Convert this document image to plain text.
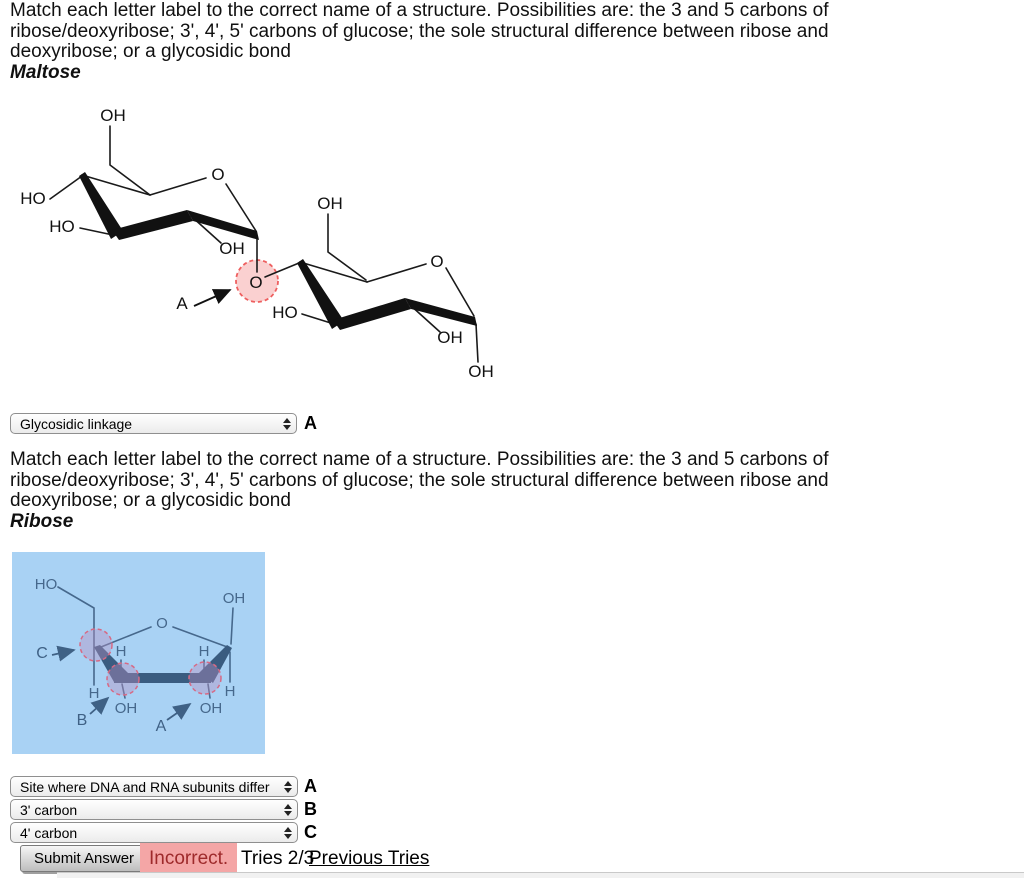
Match each letter label to the correct name of a structure. Possibilities are: the 3 and 5 carbons of
ribose/deoxyribose; 3', 4', 5' carbons of glucose; the sole structural difference between ribose and
deoxyribose; or a glycosidic bond
Maltose
OH
O
HO
HO
OH
O
OH
O
HO
OH
OH
A
Glycosidic linkage	A
Match each letter label to the correct name of a structure. Possibilities are: the 3 and 5 carbons of
ribose/deoxyribose; 3', 4', 5' carbons of glucose; the sole structural difference between ribose and
deoxyribose; or a glycosidic bond
Ribose
HO
O
OH
H
H	H
H
OH	OH
C
B	A
Site where DNA and RNA subunits differ	A
3' carbon	B
4' carbon	C
Submit Answer Incorrect. Tries 2/3
Previous Tries
